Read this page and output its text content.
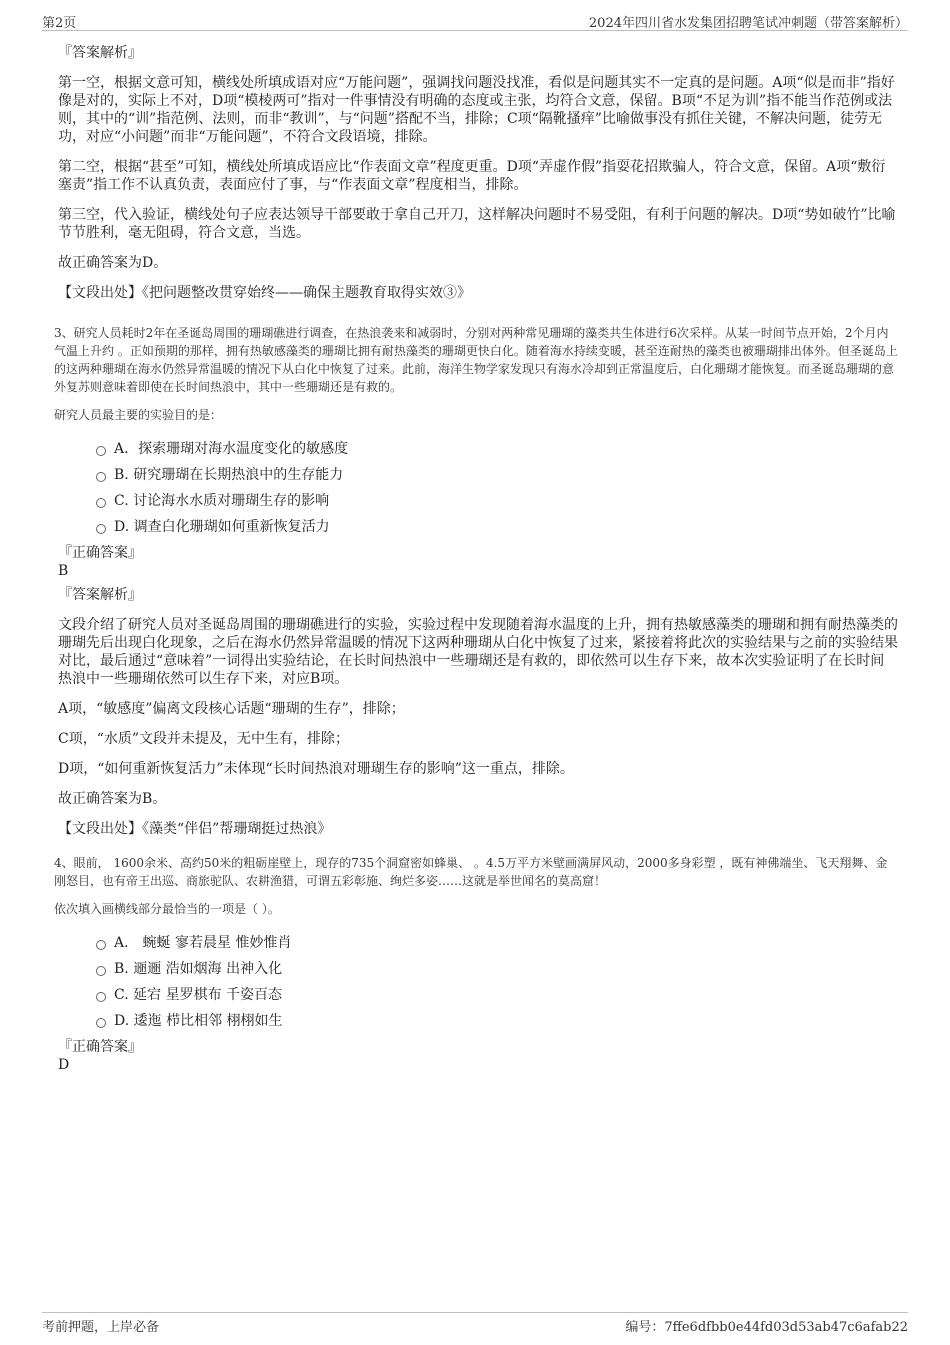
第2页	2024年四川省水发集团招聘笔试冲刺题（带答案解析）

『答案解析』

第一空，根据文意可知，横线处所填成语对应“万能问题”，强调找问题没找准，看似是问题其实不一定真的是问题。A项“似是而非”指好像是对的，实际上不对，D项“模棱两可”指对一件事情没有明确的态度或主张，均符合文意，保留。B项“不足为训”指不能当作范例或法则，其中的“训”指范例、法则，而非“教训”，与“问题”搭配不当，排除；C项“隔靴搔痒”比喻做事没有抓住关键，不解决问题，徒劳无功，对应“小问题”而非“万能问题”，不符合文段语境，排除。

第二空，根据“甚至”可知，横线处所填成语应比“作表面文章”程度更重。D项“弄虚作假”指耍花招欺骗人，符合文意，保留。A项“敷衍塞责”指工作不认真负责，表面应付了事，与“作表面文章”程度相当，排除。

第三空，代入验证，横线处句子应表达领导干部要敢于拿自己开刀，这样解决问题时不易受阻，有利于问题的解决。D项“势如破竹”比喻节节胜利，毫无阻碍，符合文意，当选。

故正确答案为D。

【文段出处】《把问题整改贯穿始终——确保主题教育取得实效③》

3、研究人员耗时2年在圣诞岛周围的珊瑚礁进行调查，在热浪袭来和减弱时，分别对两种常见珊瑚的藻类共生体进行6次采样。从某一时间节点开始，2个月内气温上升约 。正如预期的那样，拥有热敏感藻类的珊瑚比拥有耐热藻类的珊瑚更快白化。随着海水持续变暖，甚至连耐热的藻类也被珊瑚排出体外。但圣诞岛上的这两种珊瑚在海水仍然异常温暖的情况下从白化中恢复了过来。此前，海洋生物学家发现只有海水冷却到正常温度后，白化珊瑚才能恢复。而圣诞岛珊瑚的意外复苏则意味着即使在长时间热浪中，其中一些珊瑚还是有救的。

研究人员最主要的实验目的是：

A．探索珊瑚对海水温度变化的敏感度
B. 研究珊瑚在长期热浪中的生存能力
C. 讨论海水水质对珊瑚生存的影响
D. 调查白化珊瑚如何重新恢复活力

『正确答案』

B

『答案解析』

文段介绍了研究人员对圣诞岛周围的珊瑚礁进行的实验，实验过程中发现随着海水温度的上升，拥有热敏感藻类的珊瑚和拥有耐热藻类的珊瑚先后出现白化现象，之后在海水仍然异常温暖的情况下这两种珊瑚从白化中恢复了过来，紧接着将此次的实验结果与之前的实验结果对比，最后通过“意味着”一词得出实验结论，在长时间热浪中一些珊瑚还是有救的，即依然可以生存下来，故本次实验证明了在长时间热浪中一些珊瑚依然可以生存下来，对应B项。

A项，“敏感度”偏离文段核心话题“珊瑚的生存”，排除；

C项，“水质”文段并未提及，无中生有，排除；

D项，“如何重新恢复活力”未体现“长时间热浪对珊瑚生存的影响”这一重点，排除。

故正确答案为B。

【文段出处】《藻类“伴侣”帮珊瑚挺过热浪》

4、眼前， 1600余米、高约50米的粗砺崖壁上，现存的735个洞窟密如蜂巢、 。4.5万平方米壁画满屏风动，2000多身彩塑 ，既有神佛端坐、飞天翔舞、金刚怒目，也有帝王出巡、商旅驼队、农耕渔猎，可谓五彩彰施、绚烂多姿……这就是举世闻名的莫高窟！

依次填入画横线部分最恰当的一项是（ ）。

A． 蜿蜒 寥若晨星 惟妙惟肖
B. 逦逦 浩如烟海 出神入化
C. 延宕 星罗棋布 千姿百态
D. 逶迤 栉比相邻 栩栩如生

『正确答案』

D

考前押题，上岸必备	编号：7ffe6dfbb0e44fd03d53ab47c6afab22
